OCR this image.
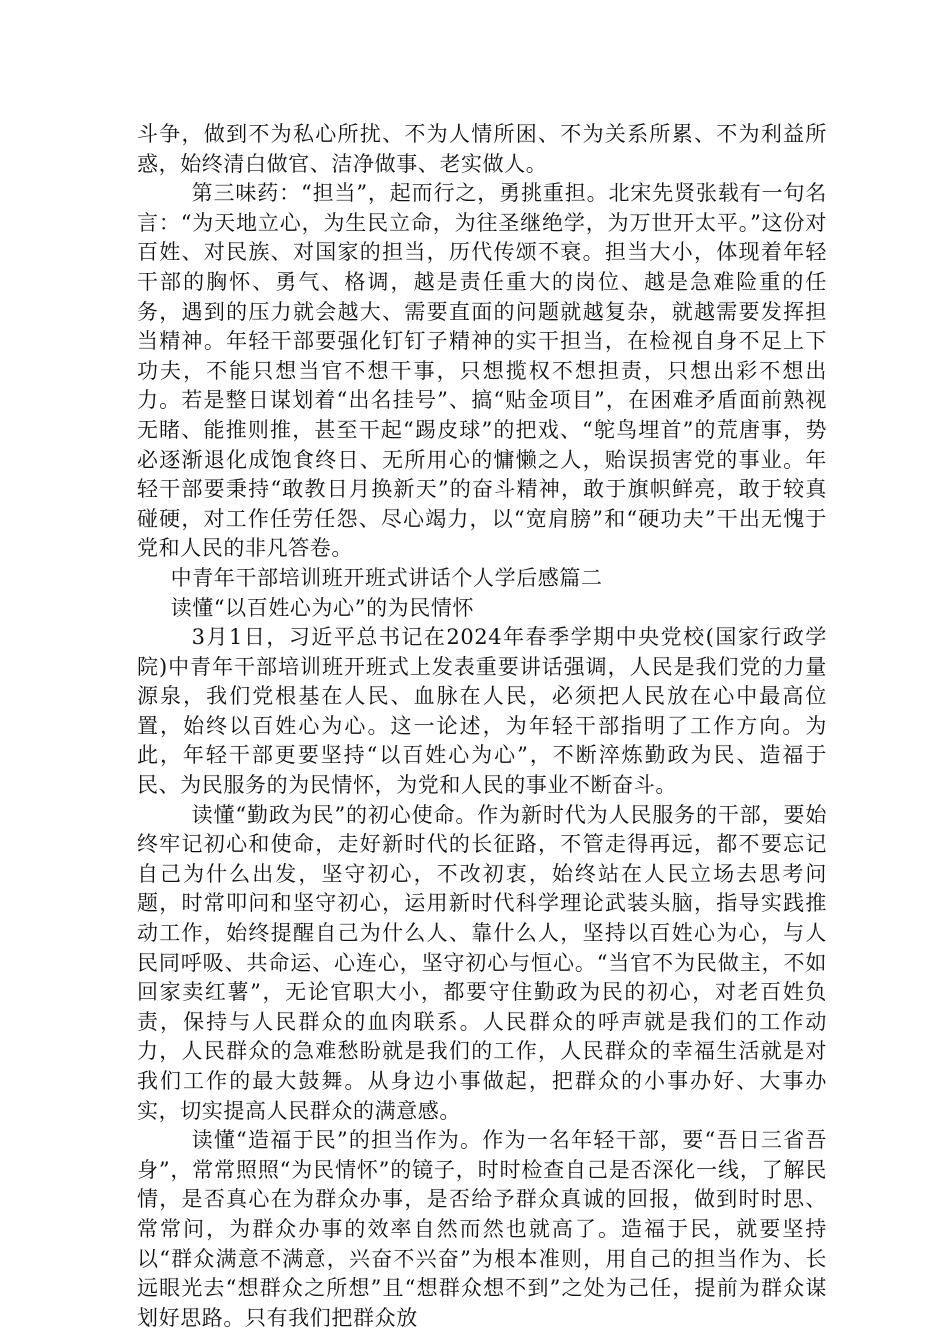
斗争，做到不为私心所扰、不为人情所困、不为关系所累、不为利益所惑，始终清白做官、洁净做事、老实做人。

第三味药：“担当”，起而行之，勇挑重担。北宋先贤张载有一句名言：“为天地立心，为生民立命，为往圣继绝学，为万世开太平。”这份对百姓、对民族、对国家的担当，历代传颂不衰。担当大小，体现着年轻干部的胸怀、勇气、格调，越是责任重大的岗位、越是急难险重的任务，遇到的压力就会越大、需要直面的问题就越复杂，就越需要发挥担当精神。年轻干部要强化钉钉子精神的实干担当，在检视自身不足上下功夫，不能只想当官不想干事，只想揽权不想担责，只想出彩不想出力。若是整日谋划着“出名挂号”、搞“贴金项目”，在困难矛盾面前熟视无睹、能推则推，甚至干起“踢皮球”的把戏、“鸵鸟埋首”的荒唐事，势必逐渐退化成饱食终日、无所用心的慵懒之人，贻误损害党的事业。年轻干部要秉持“敢教日月换新天”的奋斗精神，敢于旗帜鲜亮，敢于较真碰硬，对工作任劳任怨、尽心竭力，以“宽肩膀”和“硬功夫”干出无愧于党和人民的非凡答卷。

中青年干部培训班开班式讲话个人学后感篇二

读懂“以百姓心为心”的为民情怀

3月1日，习近平总书记在2024年春季学期中央党校(国家行政学院)中青年干部培训班开班式上发表重要讲话强调，人民是我们党的力量源泉，我们党根基在人民、血脉在人民，必须把人民放在心中最高位置，始终以百姓心为心。这一论述，为年轻干部指明了工作方向。为此，年轻干部更要坚持“以百姓心为心”，不断淬炼勤政为民、造福于民、为民服务的为民情怀，为党和人民的事业不断奋斗。

读懂“勤政为民”的初心使命。作为新时代为人民服务的干部，要始终牢记初心和使命，走好新时代的长征路，不管走得再远，都不要忘记自己为什么出发，坚守初心，不改初衷，始终站在人民立场去思考问题，时常叩问和坚守初心，运用新时代科学理论武装头脑，指导实践推动工作，始终提醒自己为什么人、靠什么人，坚持以百姓心为心，与人民同呼吸、共命运、心连心，坚守初心与恒心。“当官不为民做主，不如回家卖红薯”，无论官职大小，都要守住勤政为民的初心，对老百姓负责，保持与人民群众的血肉联系。人民群众的呼声就是我们的工作动力，人民群众的急难愁盼就是我们的工作，人民群众的幸福生活就是对我们工作的最大鼓舞。从身边小事做起，把群众的小事办好、大事办实，切实提高人民群众的满意感。

读懂“造福于民”的担当作为。作为一名年轻干部，要“吾日三省吾身”，常常照照“为民情怀”的镜子，时时检查自己是否深化一线，了解民情，是否真心在为群众办事，是否给予群众真诚的回报，做到时时思、常常问，为群众办事的效率自然而然也就高了。造福于民，就要坚持以“群众满意不满意，兴奋不兴奋”为根本准则，用自己的担当作为、长远眼光去“想群众之所想”且“想群众想不到”之处为己任，提前为群众谋划好思路。只有我们把群众放
